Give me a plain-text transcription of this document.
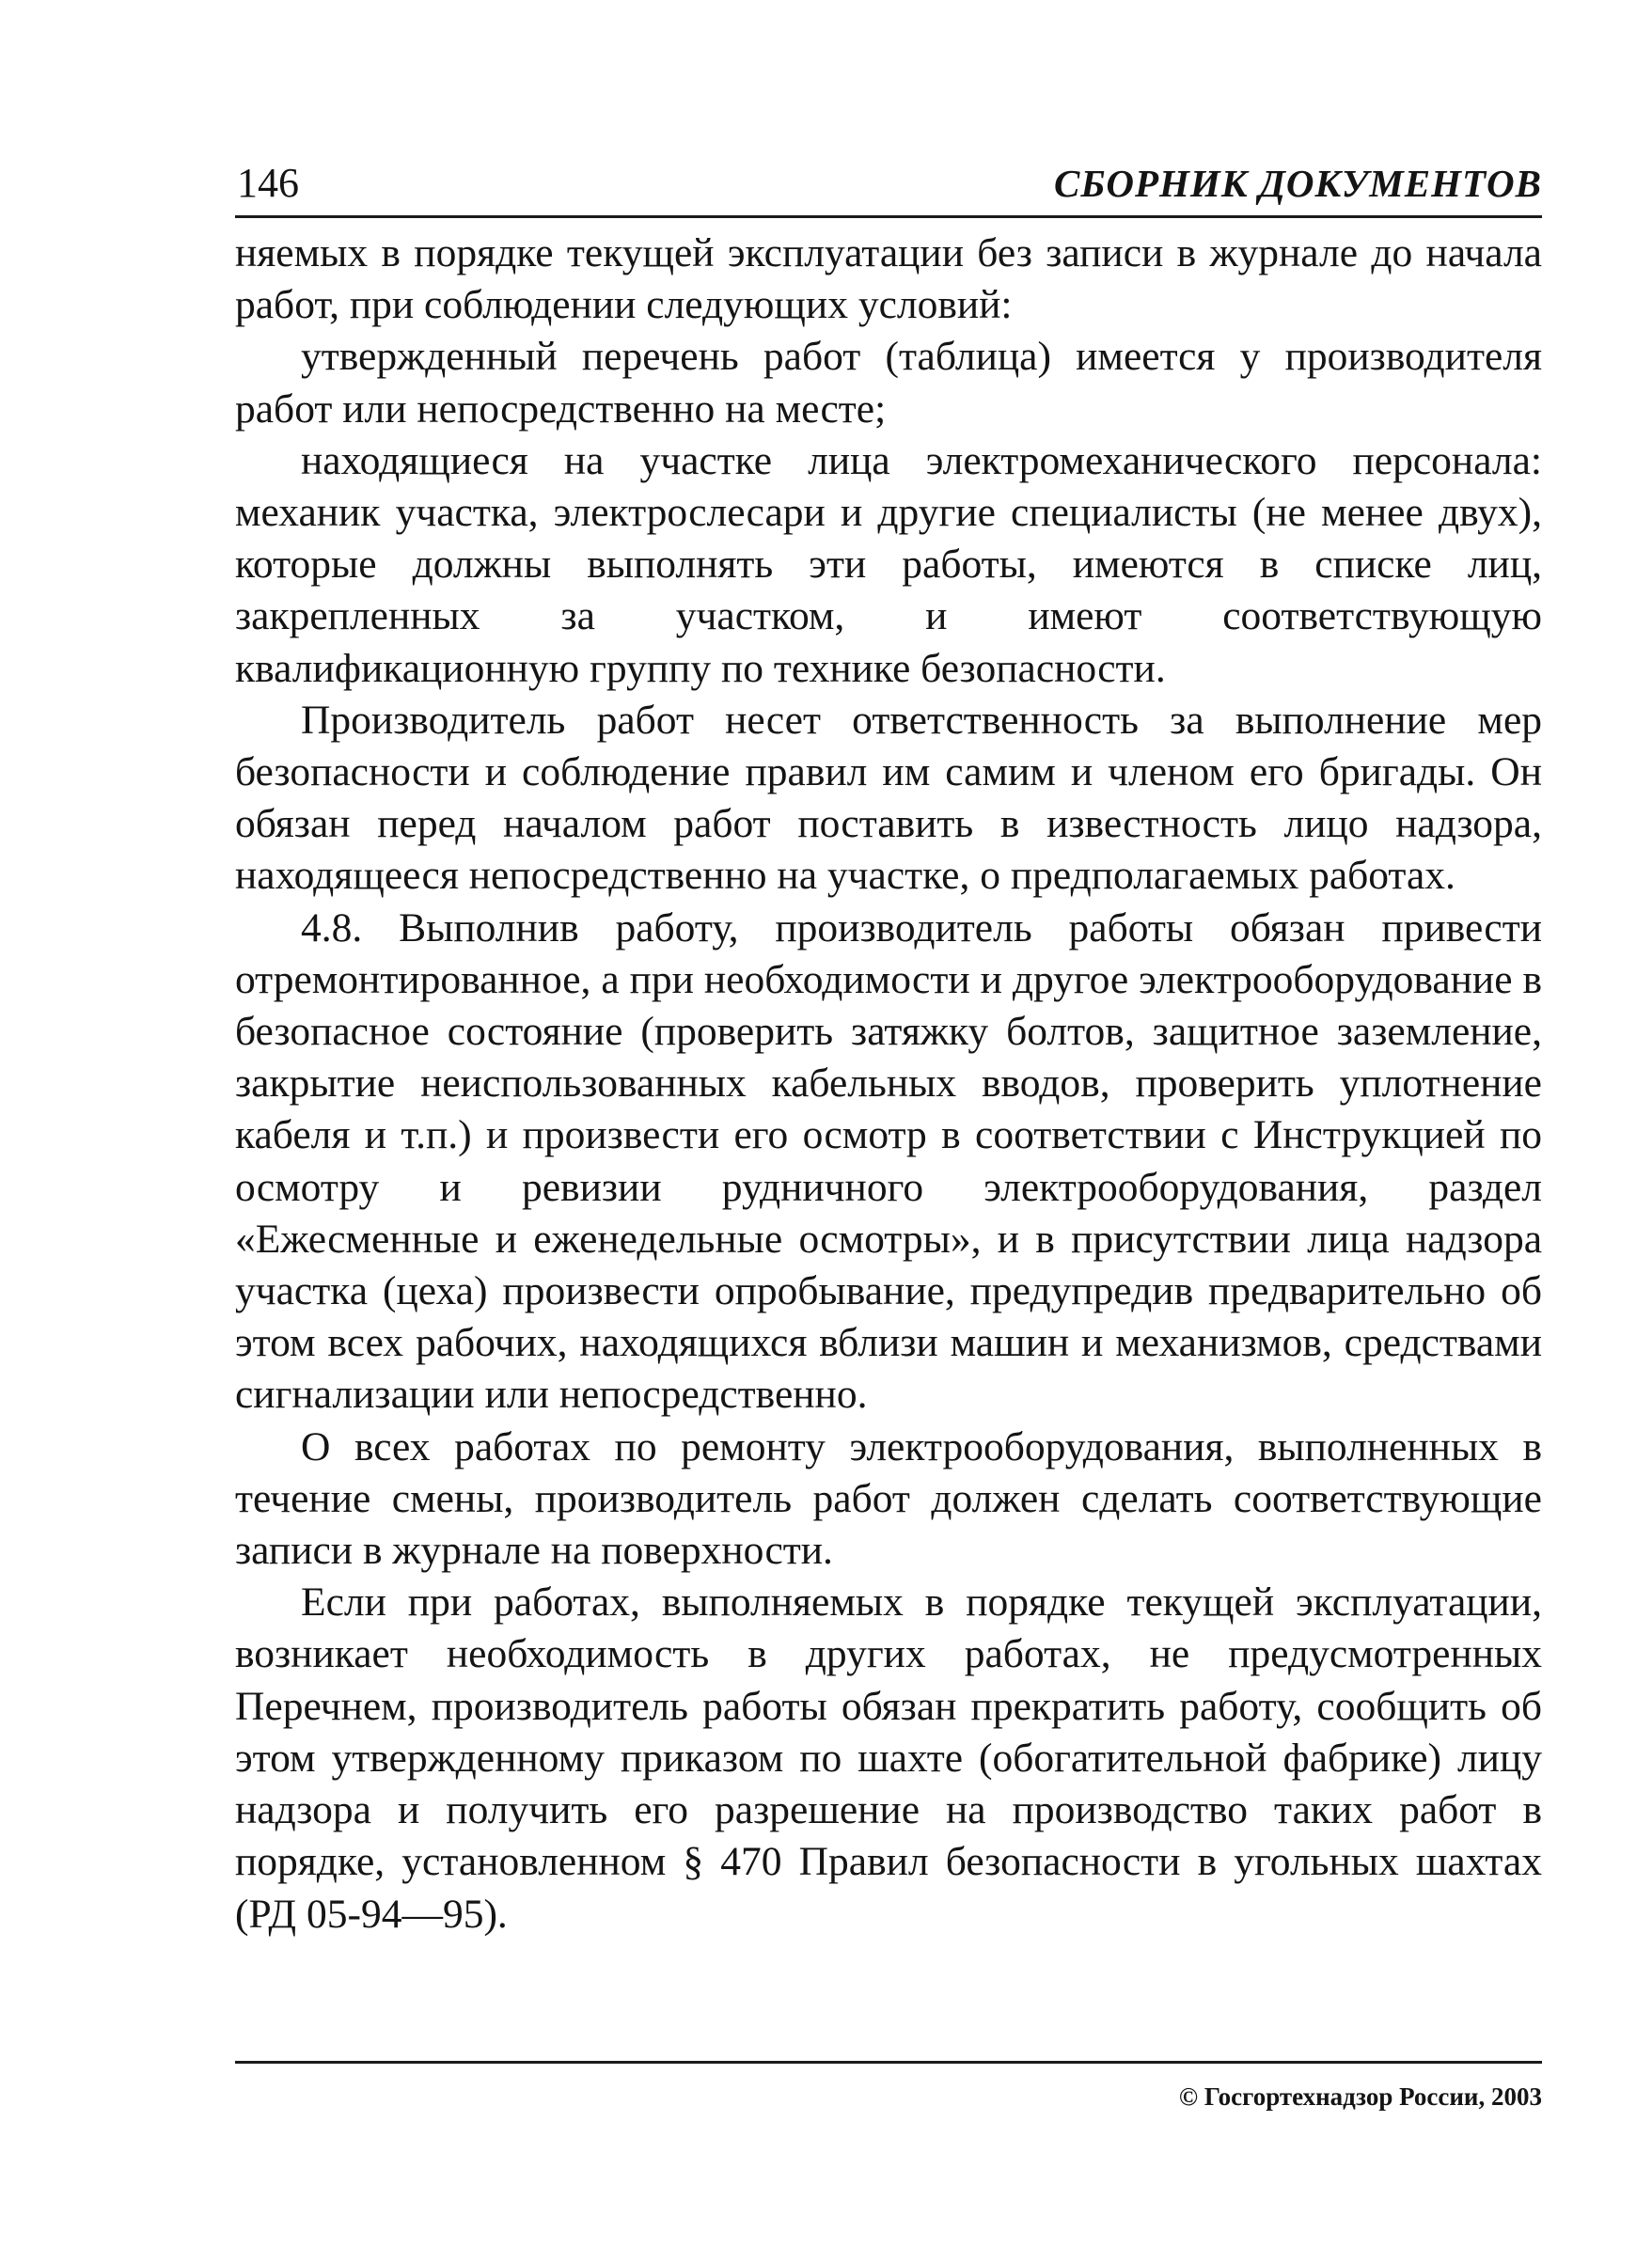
146	СБОРНИК ДОКУМЕНТОВ

няемых в порядке текущей эксплуатации без записи в журнале до начала работ, при соблюдении следующих условий:

утвержденный перечень работ (таблица) имеется у производителя работ или непосредственно на месте;

находящиеся на участке лица электромеханического персонала: механик участка, электрослесари и другие специалисты (не менее двух), которые должны выполнять эти работы, имеются в списке лиц, закрепленных за участком, и имеют соответствующую квалификационную группу по технике безопасности.

Производитель работ несет ответственность за выполнение мер безопасности и соблюдение правил им самим и членом его бригады. Он обязан перед началом работ поставить в известность лицо надзора, находящееся непосредственно на участке, о предполагаемых работах.

4.8. Выполнив работу, производитель работы обязан привести отремонтированное, а при необходимости и другое электрооборудование в безопасное состояние (проверить затяжку болтов, защитное заземление, закрытие неиспользованных кабельных вводов, проверить уплотнение кабеля и т.п.) и произвести его осмотр в соответствии с Инструкцией по осмотру и ревизии рудничного электрооборудования, раздел «Ежесменные и еженедельные осмотры», и в присутствии лица надзора участка (цеха) произвести опробывание, предупредив предварительно об этом всех рабочих, находящихся вблизи машин и механизмов, средствами сигнализации или непосредственно.

О всех работах по ремонту электрооборудования, выполненных в течение смены, производитель работ должен сделать соответствующие записи в журнале на поверхности.

Если при работах, выполняемых в порядке текущей эксплуатации, возникает необходимость в других работах, не предусмотренных Перечнем, производитель работы обязан прекратить работу, сообщить об этом утвержденному приказом по шахте (обогатительной фабрике) лицу надзора и получить его разрешение на производство таких работ в порядке, установленном § 470 Правил безопасности в угольных шахтах (РД 05-94—95).

© Госгортехнадзор России, 2003
